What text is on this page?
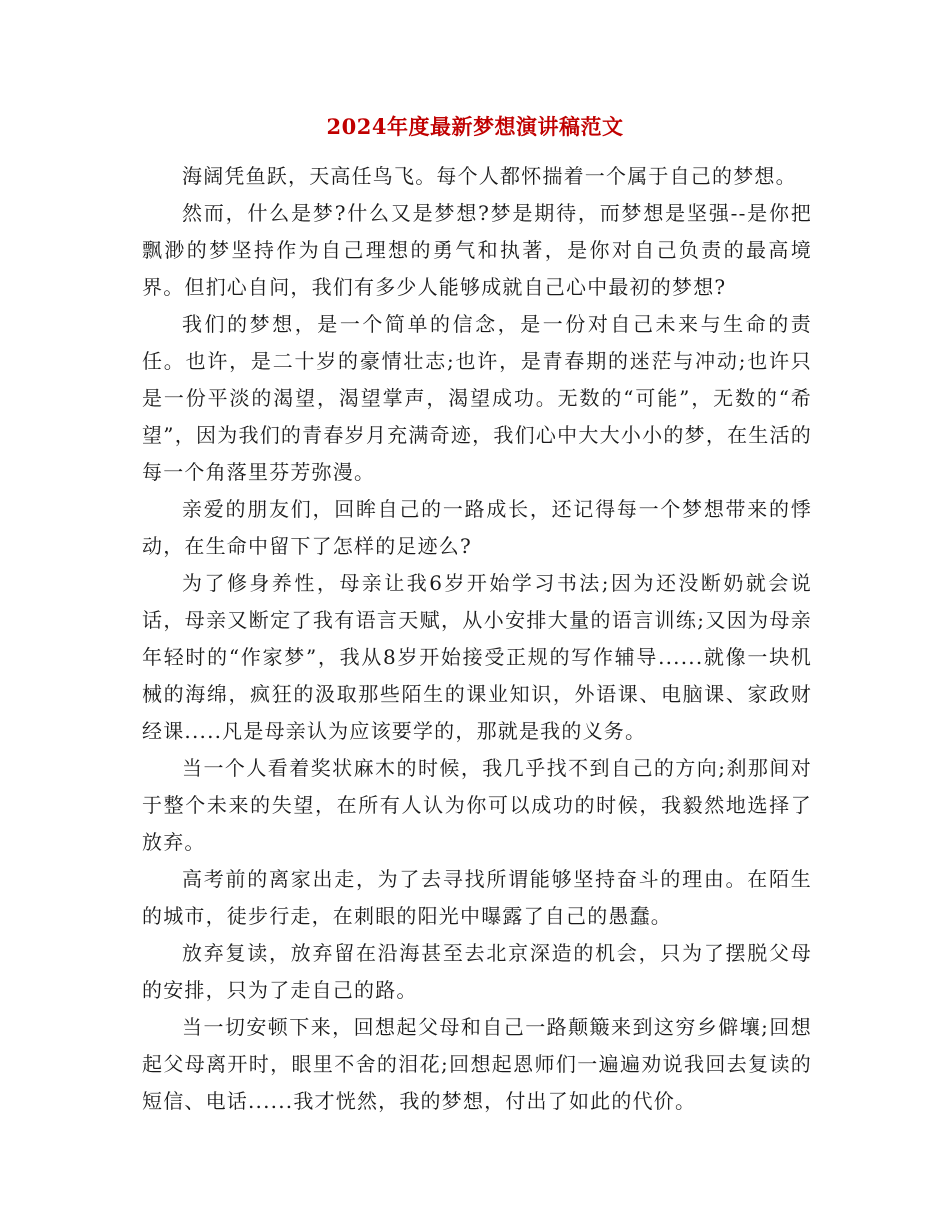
2024年度最新梦想演讲稿范文

海阔凭鱼跃，天高任鸟飞。每个人都怀揣着一个属于自己的梦想。

然而，什么是梦?什么又是梦想?梦是期待，而梦想是坚强--是你把飘渺的梦坚持作为自己理想的勇气和执著，是你对自己负责的最高境界。但扪心自问，我们有多少人能够成就自己心中最初的梦想?

我们的梦想，是一个简单的信念，是一份对自己未来与生命的责任。也许，是二十岁的豪情壮志;也许，是青春期的迷茫与冲动;也许只是一份平淡的渴望，渴望掌声，渴望成功。无数的“可能”，无数的“希望”，因为我们的青春岁月充满奇迹，我们心中大大小小的梦，在生活的每一个角落里芬芳弥漫。

亲爱的朋友们，回眸自己的一路成长，还记得每一个梦想带来的悸动，在生命中留下了怎样的足迹么?

为了修身养性，母亲让我6岁开始学习书法;因为还没断奶就会说话，母亲又断定了我有语言天赋，从小安排大量的语言训练;又因为母亲年轻时的“作家梦”，我从8岁开始接受正规的写作辅导......就像一块机械的海绵，疯狂的汲取那些陌生的课业知识，外语课、电脑课、家政财经课.....凡是母亲认为应该要学的，那就是我的义务。

当一个人看着奖状麻木的时候，我几乎找不到自己的方向;刹那间对于整个未来的失望，在所有人认为你可以成功的时候，我毅然地选择了放弃。

高考前的离家出走，为了去寻找所谓能够坚持奋斗的理由。在陌生的城市，徒步行走，在刺眼的阳光中曝露了自己的愚蠢。

放弃复读，放弃留在沿海甚至去北京深造的机会，只为了摆脱父母的安排，只为了走自己的路。

当一切安顿下来，回想起父母和自己一路颠簸来到这穷乡僻壤;回想起父母离开时，眼里不舍的泪花;回想起恩师们一遍遍劝说我回去复读的短信、电话......我才恍然，我的梦想，付出了如此的代价。
